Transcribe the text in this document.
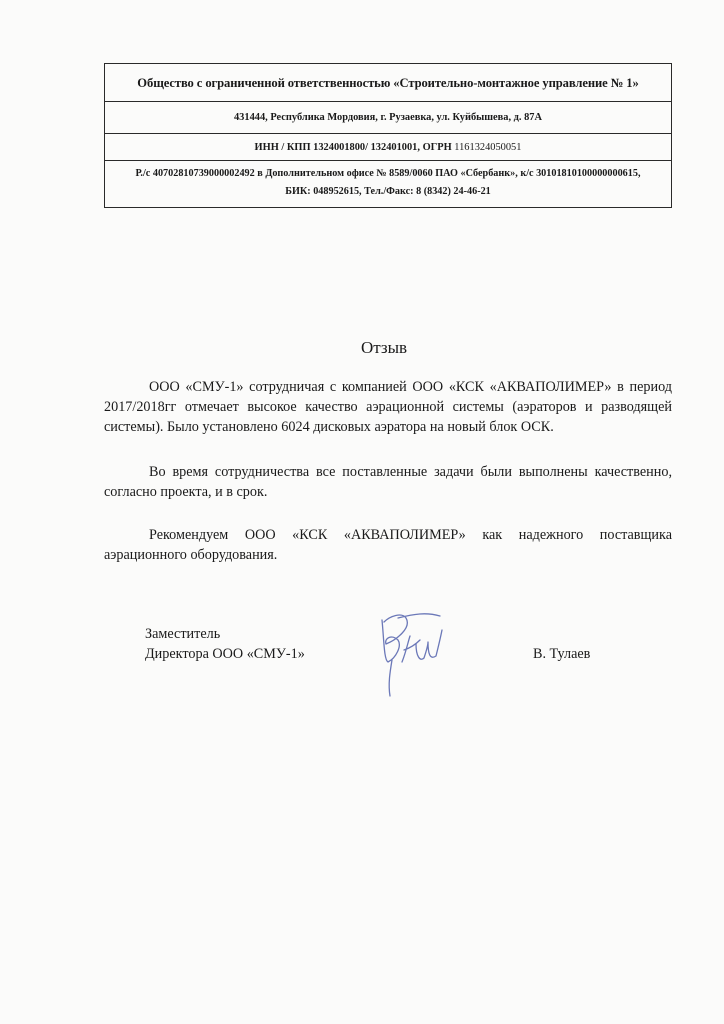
Общество с ограниченной ответственностью «Строительно-монтажное управление № 1»
431444, Республика Мордовия, г. Рузаевка, ул. Куйбышева, д. 87А
ИНН / КПП 1324001800/ 132401001, ОГРН 1161324050051
Р./с 40702810739000002492 в Дополнительном офисе № 8589/0060 ПАО «Сбербанк», к/с 30101810100000000615,
БИК: 048952615, Тел./Факс: 8 (8342) 24-46-21
Отзыв

ООО «СМУ-1» сотрудничая с компанией ООО «КСК «АКВАПОЛИМЕР» в период 2017/2018гг отмечает высокое качество аэрационной системы (аэраторов и разводящей системы). Было установлено 6024 дисковых аэратора на новый блок ОСК.

Во время сотрудничества все поставленные задачи были выполнены качественно, согласно проекта, и в срок.

Рекомендуем ООО «КСК «АКВАПОЛИМЕР» как надежного поставщика аэрационного оборудования.

Заместитель
Директора ООО «СМУ-1»	В. Тулаев
